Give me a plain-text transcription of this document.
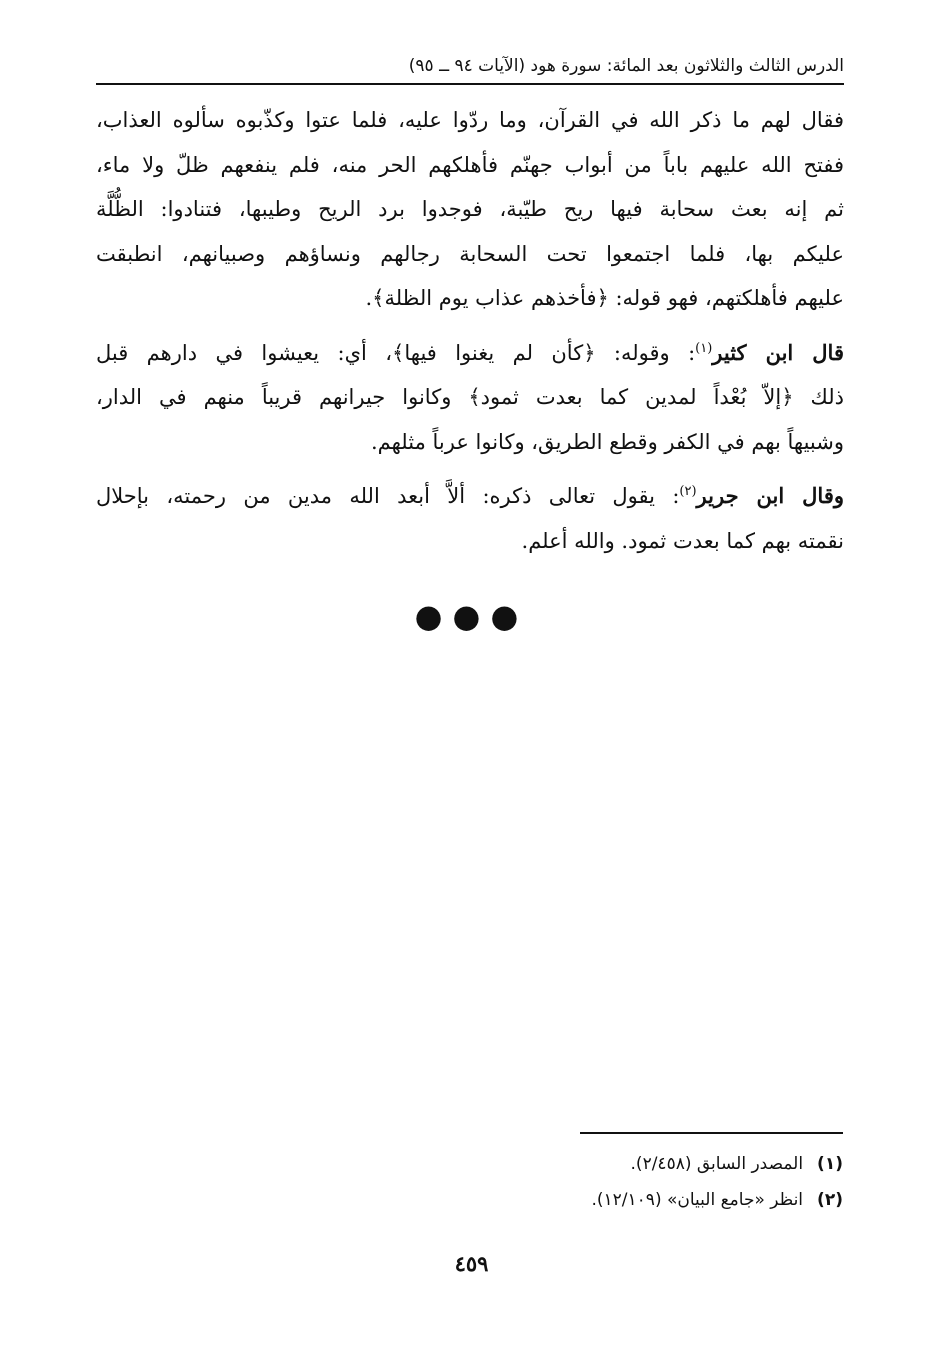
الدرس الثالث والثلاثون بعد المائة: سورة هود (الآيات ٩٤ ــ ٩٥)

فقال لهم ما ذكر الله في القرآن، وما ردّوا عليه، فلما عتوا وكذّبوه سألوه العذاب،
ففتح الله عليهم باباً من أبواب جهنّم فأهلكهم الحر منه، فلم ينفعهم ظلّ ولا ماء،
ثم إنه بعث سحابة فيها ريح طيّبة، فوجدوا برد الريح وطيبها، فتنادوا: الظُّلَّة
عليكم بها، فلما اجتمعوا تحت السحابة رجالهم ونساؤهم وصبيانهم، انطبقت
عليهم فأهلكتهم، فهو قوله: ﴿فأخذهم عذاب يوم الظلة﴾.

قال ابن كثير$^{(١)}$: وقوله: ﴿كأن لم يغنوا فيها﴾، أي: يعيشوا في دارهم قبل
ذلك ﴿إلاّ بُعْداً لمدين كما بعدت ثمود﴾ وكانوا جيرانهم قريباً منهم في الدار،
وشبيهاً بهم في الكفر وقطع الطريق، وكانوا عرباً مثلهم.

وقال ابن جرير$^{(٢)}$: يقول تعالى ذكره: ألاَّ أبعد الله مدين من رحمته، بإحلال
نقمته بهم كما بعدت ثمود. والله أعلم.

●●●
(١)المصدر السابق (٢/٤٥٨).
(٢)انظر «جامع البيان» (١٢/١٠٩).
٤٥٩
